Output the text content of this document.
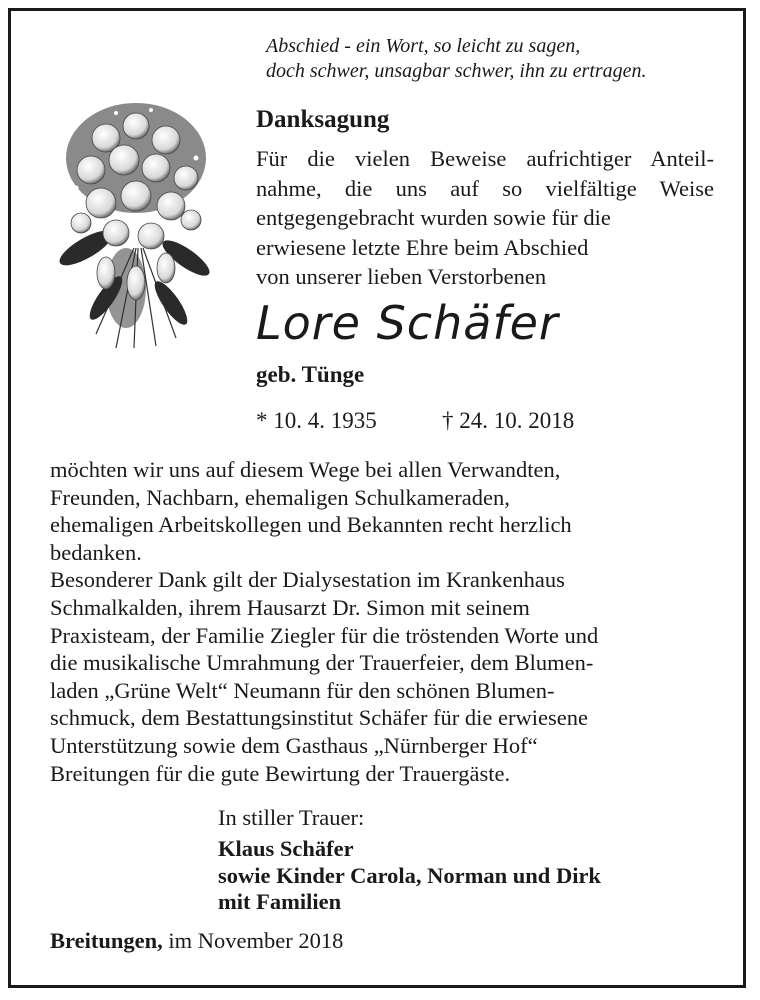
Abschied - ein Wort, so leicht zu sagen,
doch schwer, unsagbar schwer, ihn zu ertragen.
Danksagung
Für die vielen Beweise aufrichtiger Anteil-
nahme, die uns auf so vielfältige Weise
entgegengebracht wurden sowie für die
erwiesene letzte Ehre beim Abschied
von unserer lieben Verstorbenen
Lore Schäfer
geb. Tünge
* 10. 4. 1935	† 24. 10. 2018
möchten wir uns auf diesem Wege bei allen Verwandten,
Freunden, Nachbarn, ehemaligen Schulkameraden,
ehemaligen Arbeitskollegen und Bekannten recht herzlich
bedanken.
Besonderer Dank gilt der Dialysestation im Krankenhaus
Schmalkalden, ihrem Hausarzt Dr. Simon mit seinem
Praxisteam, der Familie Ziegler für die tröstenden Worte und
die musikalische Umrahmung der Trauerfeier, dem Blumen-
laden „Grüne Welt“ Neumann für den schönen Blumen-
schmuck, dem Bestattungsinstitut Schäfer für die erwiesene
Unterstützung sowie dem Gasthaus „Nürnberger Hof“
Breitungen für die gute Bewirtung der Trauergäste.
In stiller Trauer:
Klaus Schäfer
sowie Kinder Carola, Norman und Dirk
mit Familien
Breitungen, im November 2018
